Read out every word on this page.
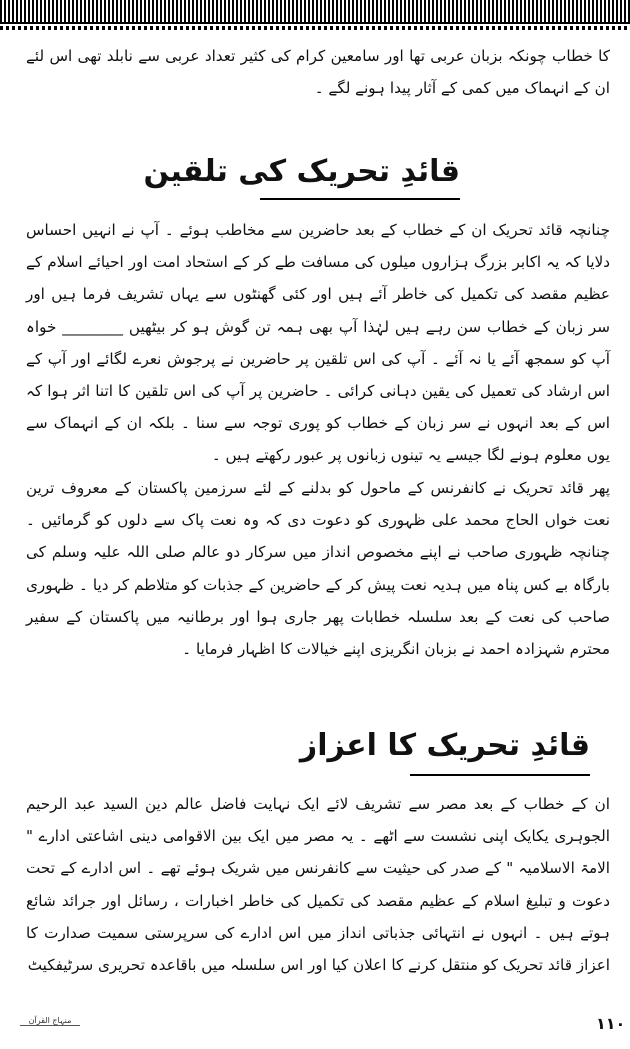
کا خطاب چونکہ بزبان عربی تھا اور سامعین کرام کی کثیر تعداد عربی سے نابلد تھی اس لئے ان کے انہماک میں کمی کے آثار پیدا ہونے لگے ۔

قائدِ تحریک کی تلقین

چنانچہ قائد تحریک ان کے خطاب کے بعد حاضرین سے مخاطب ہوئے ۔ آپ نے انہیں احساس دلایا کہ یہ اکابر بزرگ ہزاروں میلوں کی مسافت طے کر کے استحاد امت اور احیائے اسلام کے عظیم مقصد کی تکمیل کی خاطر آئے ہیں اور کئی گھنٹوں سے یہاں تشریف فرما ہیں اور سر زبان کے خطاب سن رہے ہیں لہٰذا آپ بھی ہمہ تن گوش ہو کر بیٹھیں ________ خواہ آپ کو سمجھ آئے یا نہ آئے ۔ آپ کی اس تلقین پر حاضرین نے پرجوش نعرے لگائے اور آپ کے اس ارشاد کی تعمیل کی یقین دہانی کرائی ۔ حاضرین پر آپ کی اس تلقین کا اتنا اثر ہوا کہ اس کے بعد انہوں نے سر زبان کے خطاب کو پوری توجہ سے سنا ۔ بلکہ ان کے انہماک سے یوں معلوم ہونے لگا جیسے یہ تینوں زبانوں پر عبور رکھتے ہیں ۔

پھر قائد تحریک نے کانفرنس کے ماحول کو بدلنے کے لئے سرزمین پاکستان کے معروف ترین نعت خواں الحاج محمد علی ظہوری کو دعوت دی کہ وہ نعت پاک سے دلوں کو گرمائیں ۔ چنانچہ ظہوری صاحب نے اپنے مخصوص انداز میں سرکار دو عالم صلی اللہ علیہ وسلم کی بارگاہ بے کس پناہ میں ہدیہ نعت پیش کر کے حاضرین کے جذبات کو متلاطم کر دیا ۔ ظہوری صاحب کی نعت کے بعد سلسلہ خطابات پھر جاری ہوا اور برطانیہ میں پاکستان کے سفیر محترم شہزادہ احمد نے بزبان انگریزی اپنے خیالات کا اظہار فرمایا ۔

قائدِ تحریک کا اعزاز

ان کے خطاب کے بعد مصر سے تشریف لائے ایک نہایت فاضل عالم دین السید عبد الرحیم الجوہری یکایک اپنی نشست سے اٹھے ۔ یہ مصر میں ایک بین الاقوامی دینی اشاعتی ادارے " الامۃ الاسلامیہ " کے صدر کی حیثیت سے کانفرنس میں شریک ہوئے تھے ۔ اس ادارے کے تحت دعوت و تبلیغ اسلام کے عظیم مقصد کی تکمیل کی خاطر اخبارات ، رسائل اور جرائد شائع ہوتے ہیں ۔ انہوں نے انتہائی جذباتی انداز میں اس ادارے کی سرپرستی سمیت صدارت کا اعزاز قائد تحریک کو منتقل کرنے کا اعلان کیا اور اس سلسلہ میں باقاعدہ تحریری سرٹیفکیٹ

منہاج القرآن	۱۱۰
